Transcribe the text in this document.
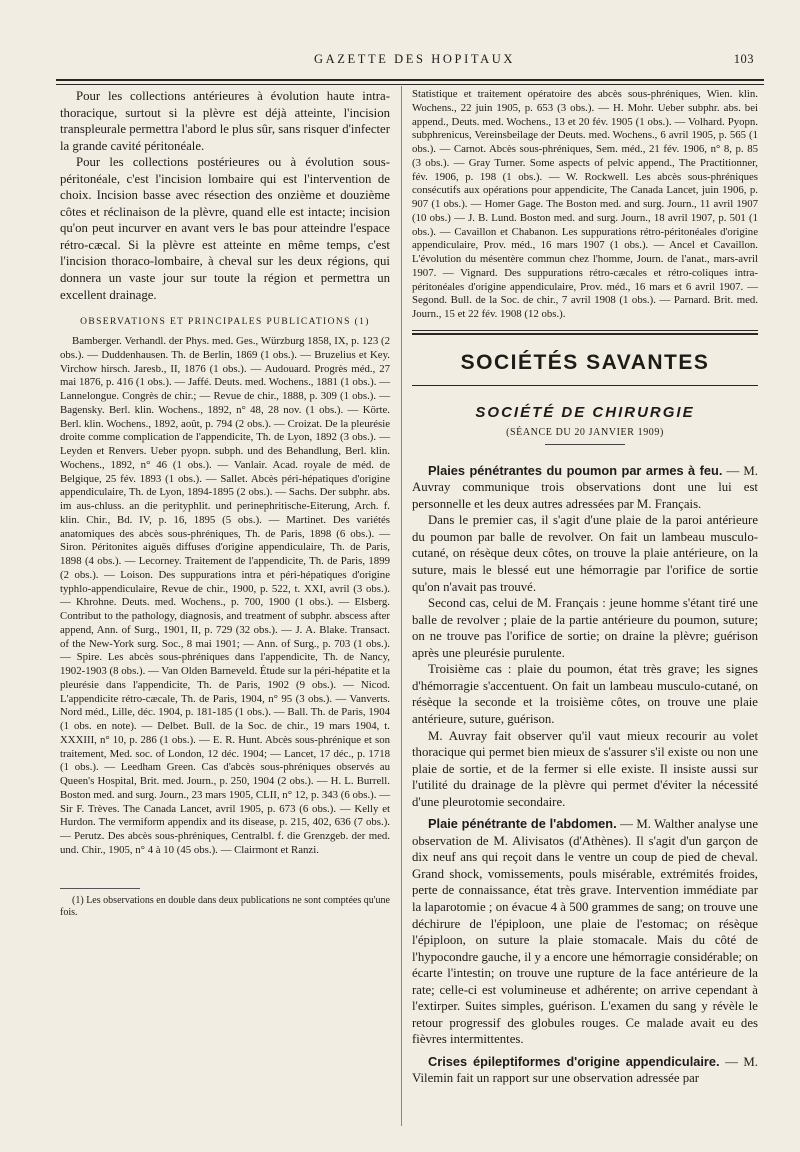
GAZETTE DES HOPITAUX	103

Pour les collections antérieures à évolution haute intra-thoracique, surtout si la plèvre est déjà atteinte, l'incision transpleurale permettra l'abord le plus sûr, sans risquer d'infecter la grande cavité péritonéale.

Pour les collections postérieures ou à évolution sous-péritonéale, c'est l'incision lombaire qui est l'intervention de choix. Incision basse avec résection des onzième et douzième côtes et réclinaison de la plèvre, quand elle est intacte; incision qu'on peut incurver en avant vers le bas pour atteindre l'espace rétro-cæcal. Si la plèvre est atteinte en même temps, c'est l'incision thoraco-lombaire, à cheval sur les deux régions, qui donnera un vaste jour sur toute la région et permettra un excellent drainage.

OBSERVATIONS ET PRINCIPALES PUBLICATIONS (1)

Bamberger. Verhandl. der Phys. med. Ges., Würzburg 1858, IX, p. 123 (2 obs.). — Duddenhausen. Th. de Berlin, 1869 (1 obs.). — Bruzelius et Key. Virchow hirsch. Jaresb., II, 1876 (1 obs.). — Audouard. Progrès méd., 27 mai 1876, p. 416 (1 obs.). — Jaffé. Deuts. med. Wochens., 1881 (1 obs.). — Lannelongue. Congrès de chir.; — Revue de chir., 1888, p. 309 (1 obs.). — Bagensky. Berl. klin. Wochens., 1892, n° 48, 28 nov. (1 obs.). — Körte. Berl. klin. Wochens., 1892, août, p. 794 (2 obs.). — Croizat. De la pleurésie droite comme complication de l'appendicite, Th. de Lyon, 1892 (3 obs.). — Leyden et Renvers. Ueber pyopn. subph. und des Behandlung, Berl. klin. Wochens., 1892, n° 46 (1 obs.). — Vanlair. Acad. royale de méd. de Belgique, 25 fév. 1893 (1 obs.). — Sallet. Abcès péri-hépatiques d'origine appendiculaire, Th. de Lyon, 1894-1895 (2 obs.). — Sachs. Der subphr. abs. im aus-chluss. an die perityphlit. und perinephritische-Eiterung, Arch. f. klin. Chir., Bd. IV, p. 16, 1895 (5 obs.). — Martinet. Des variétés anatomiques des abcès sous-phréniques, Th. de Paris, 1898 (6 obs.). — Siron. Péritonites aiguës diffuses d'origine appendiculaire, Th. de Paris, 1898 (4 obs.). — Lecorney. Traitement de l'appendicite, Th. de Paris, 1899 (2 obs.). — Loison. Des suppurations intra et péri-hépatiques d'origine typhlo-appendiculaire, Revue de chir., 1900, p. 522, t. XXI, avril (3 obs.). — Khrohne. Deuts. med. Wochens., p. 700, 1900 (1 obs.). — Elsberg. Contribut to the pathology, diagnosis, and treatment of subphr. abscess after append, Ann. of Surg., 1901, II, p. 729 (32 obs.). — J. A. Blake. Transact. of the New-York surg. Soc., 8 mai 1901; — Ann. of Surg., p. 703 (1 obs.). — Spire. Les abcès sous-phréniques dans l'appendicite, Th. de Nancy, 1902-1903 (8 obs.). — Van Olden Barneveld. Étude sur la péri-hépatite et la pleurésie dans l'appendicite, Th. de Paris, 1902 (9 obs.). — Nicod. L'appendicite rétro-cæcale, Th. de Paris, 1904, n° 95 (3 obs.). — Vanverts. Nord méd., Lille, déc. 1904, p. 181-185 (1 obs.). — Ball. Th. de Paris, 1904 (1 obs. en note). — Delbet. Bull. de la Soc. de chir., 19 mars 1904, t. XXXIII, n° 10, p. 286 (1 obs.). — E. R. Hunt. Abcès sous-phrénique et son traitement, Med. soc. of London, 12 déc. 1904; — Lancet, 17 déc., p. 1718 (1 obs.). — Leedham Green. Cas d'abcès sous-phréniques observés au Queen's Hospital, Brit. med. Journ., p. 250, 1904 (2 obs.). — H. L. Burrell. Boston med. and surg. Journ., 23 mars 1905, CLII, n° 12, p. 343 (6 obs.). — Sir F. Trèves. The Canada Lancet, avril 1905, p. 673 (6 obs.). — Kelly et Hurdon. The vermiform appendix and its disease, p. 215, 402, 636 (7 obs.). — Perutz. Des abcès sous-phréniques, Centralbl. f. die Grenzgeb. der med. und. Chir., 1905, n° 4 à 10 (45 obs.). — Clairmont et Ranzi.

(1) Les observations en double dans deux publications ne sont comptées qu'une fois.

Statistique et traitement opératoire des abcès sous-phréniques, Wien. klin. Wochens., 22 juin 1905, p. 653 (3 obs.). — H. Mohr. Ueber subphr. abs. bei append., Deuts. med. Wochens., 13 et 20 fév. 1905 (1 obs.). — Volhard. Pyopn. subphrenicus, Vereinsbeilage der Deuts. med. Wochens., 6 avril 1905, p. 565 (1 obs.). — Carnot. Abcès sous-phréniques, Sem. méd., 21 fév. 1906, n° 8, p. 85 (3 obs.). — Gray Turner. Some aspects of pelvic append., The Practitionner, fév. 1906, p. 198 (1 obs.). — W. Rockwell. Les abcès sous-phréniques consécutifs aux opérations pour appendicite, The Canada Lancet, juin 1906, p. 907 (1 obs.). — Homer Gage. The Boston med. and surg. Journ., 11 avril 1907 (10 obs.) — J. B. Lund. Boston med. and surg. Journ., 18 avril 1907, p. 501 (1 obs.). — Cavaillon et Chabanon. Les suppurations rétro-péritonéales d'origine appendiculaire, Prov. méd., 16 mars 1907 (1 obs.). — Ancel et Cavaillon. L'évolution du mésentère commun chez l'homme, Journ. de l'anat., mars-avril 1907. — Vignard. Des suppurations rétro-cæcales et rétro-coliques intra-péritonéales d'origine appendiculaire, Prov. méd., 16 mars et 6 avril 1907. — Segond. Bull. de la Soc. de chir., 7 avril 1908 (1 obs.). — Parnard. Brit. med. Journ., 15 et 22 fév. 1908 (12 obs.).

SOCIÉTÉS SAVANTES
SOCIÉTÉ DE CHIRURGIE
(SÉANCE DU 20 JANVIER 1909)

Plaies pénétrantes du poumon par armes à feu. — M. Auvray communique trois observations dont une lui est personnelle et les deux autres adressées par M. Français.

Dans le premier cas, il s'agit d'une plaie de la paroi antérieure du poumon par balle de revolver. On fait un lambeau musculo-cutané, on résèque deux côtes, on trouve la plaie antérieure, on la suture, mais le blessé eut une hémorragie par l'orifice de sortie qu'on n'avait pas trouvé.

Second cas, celui de M. Français : jeune homme s'étant tiré une balle de revolver ; plaie de la partie antérieure du poumon, suture; on ne trouve pas l'orifice de sortie; on draine la plèvre; guérison après une pleurésie purulente.

Troisième cas : plaie du poumon, état très grave; les signes d'hémorragie s'accentuent. On fait un lambeau musculo-cutané, on résèque la seconde et la troisième côtes, on trouve une plaie antérieure, suture, guérison.

M. Auvray fait observer qu'il vaut mieux recourir au volet thoracique qui permet bien mieux de s'assurer s'il existe ou non une plaie de sortie, et de la fermer si elle existe. Il insiste aussi sur l'utilité du drainage de la plèvre qui permet d'éviter la nécessité d'une pleurotomie secondaire.

Plaie pénétrante de l'abdomen. — M. Walther analyse une observation de M. Alivisatos (d'Athènes). Il s'agit d'un garçon de dix neuf ans qui reçoit dans le ventre un coup de pied de cheval. Grand shock, vomissements, pouls misérable, extrémités froides, perte de connaissance, état très grave. Intervention immédiate par la laparotomie ; on évacue 4 à 500 grammes de sang; on trouve une déchirure de l'épiploon, une plaie de l'estomac; on résèque l'épiploon, on suture la plaie stomacale. Mais du côté de l'hypocondre gauche, il y a encore une hémorragie considérable; on écarte l'intestin; on trouve une rupture de la face antérieure de la rate; celle-ci est volumineuse et adhérente; on arrive cependant à l'extirper. Suites simples, guérison. L'examen du sang y révèle le retour progressif des globules rouges. Ce malade avait eu des fièvres intermittentes.

Crises épileptiformes d'origine appendiculaire. — M. Vilemin fait un rapport sur une observation adressée par
